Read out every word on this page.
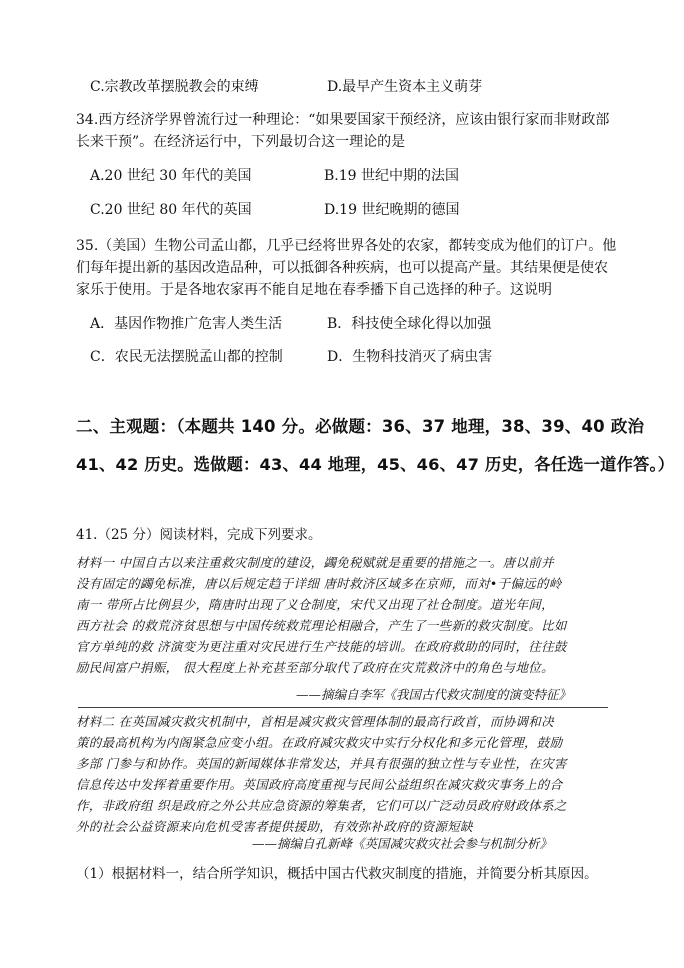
C.宗教改革摆脱教会的束缚	D.最早产生资本主义萌芽
34.西方经济学界曾流行过一种理论：“如果要国家干预经济，应该由银行家而非财政部
长来干预”。在经济运行中，下列最切合这一理论的是
A.20 世纪 30 年代的美国	B.19 世纪中期的法国
C.20 世纪 80 年代的英国	D.19 世纪晚期的德国
35.（美国）生物公司孟山都，几乎已经将世界各处的农家，都转变成为他们的订户。他
们每年提出新的基因改造品种，可以抵御各种疾病，也可以提高产量。其结果便是使农
家乐于使用。于是各地农家再不能自足地在春季播下自己选择的种子。这说明
A．基因作物推广危害人类生活	B．科技使全球化得以加强
C．农民无法摆脱孟山都的控制	D．生物科技消灭了病虫害
二、主观题：（本题共 140 分。必做题：36、37 地理，38、39、40 政治
41、42 历史。选做题：43、44 地理，45、46、47 历史，各任选一道作答。）
41.（25 分）阅读材料，完成下列要求。
材料一 中国自古以来注重救灾制度的建设，蠲免税赋就是重要的措施之一。唐以前并
没有固定的蠲免标准，唐以后规定趋于详细 唐时救济区域多在京师，而対•于偏远的岭
南一 带所占比例县少，隋唐时出现了义仓制度，宋代又出现了社仓制度。道光年间，
西方社会 的救荒济贫思想与中国传统救荒理论相融合，产生了一些新的救灾制度。比如
官方单纯的救 济演变为更注重对灾民进行生产技能的培训。在政府救助的同时，往往鼓
励民间富户捐赈， 很大程度上补充甚至部分取代了政府在灾荒救济中的角色与地位。
——摘编自李军《我国古代救灾制度的演变特征》
材料二 在英国减灾救灾机制中，首相是减灾救灾管理体制的最高行政首，而协调和决
策的最高机构为内阁紧急应变小组。在政府减灾救灾中实行分权化和多元化管理，鼓励
多部 门参与和协作。英国的新闻媒体非常发达，并具有很强的独立性与专业性，在灾害
信息传达中发挥着重要作用。英国政府高度重视与民间公益组织在减灾救灾事务上的合
作，非政府组 织是政府之外公共应急资源的筹集者，它们可以广泛动员政府财政体系之
外的社会公益资源来向危机受害者提供援助，有效弥补政府的资源短缺
——摘编自孔新峰《英国减灾救灾社会参与机制分析》
（1）根据材料一，结合所学知识，概括中国古代救灾制度的措施，并简要分析其原因。
